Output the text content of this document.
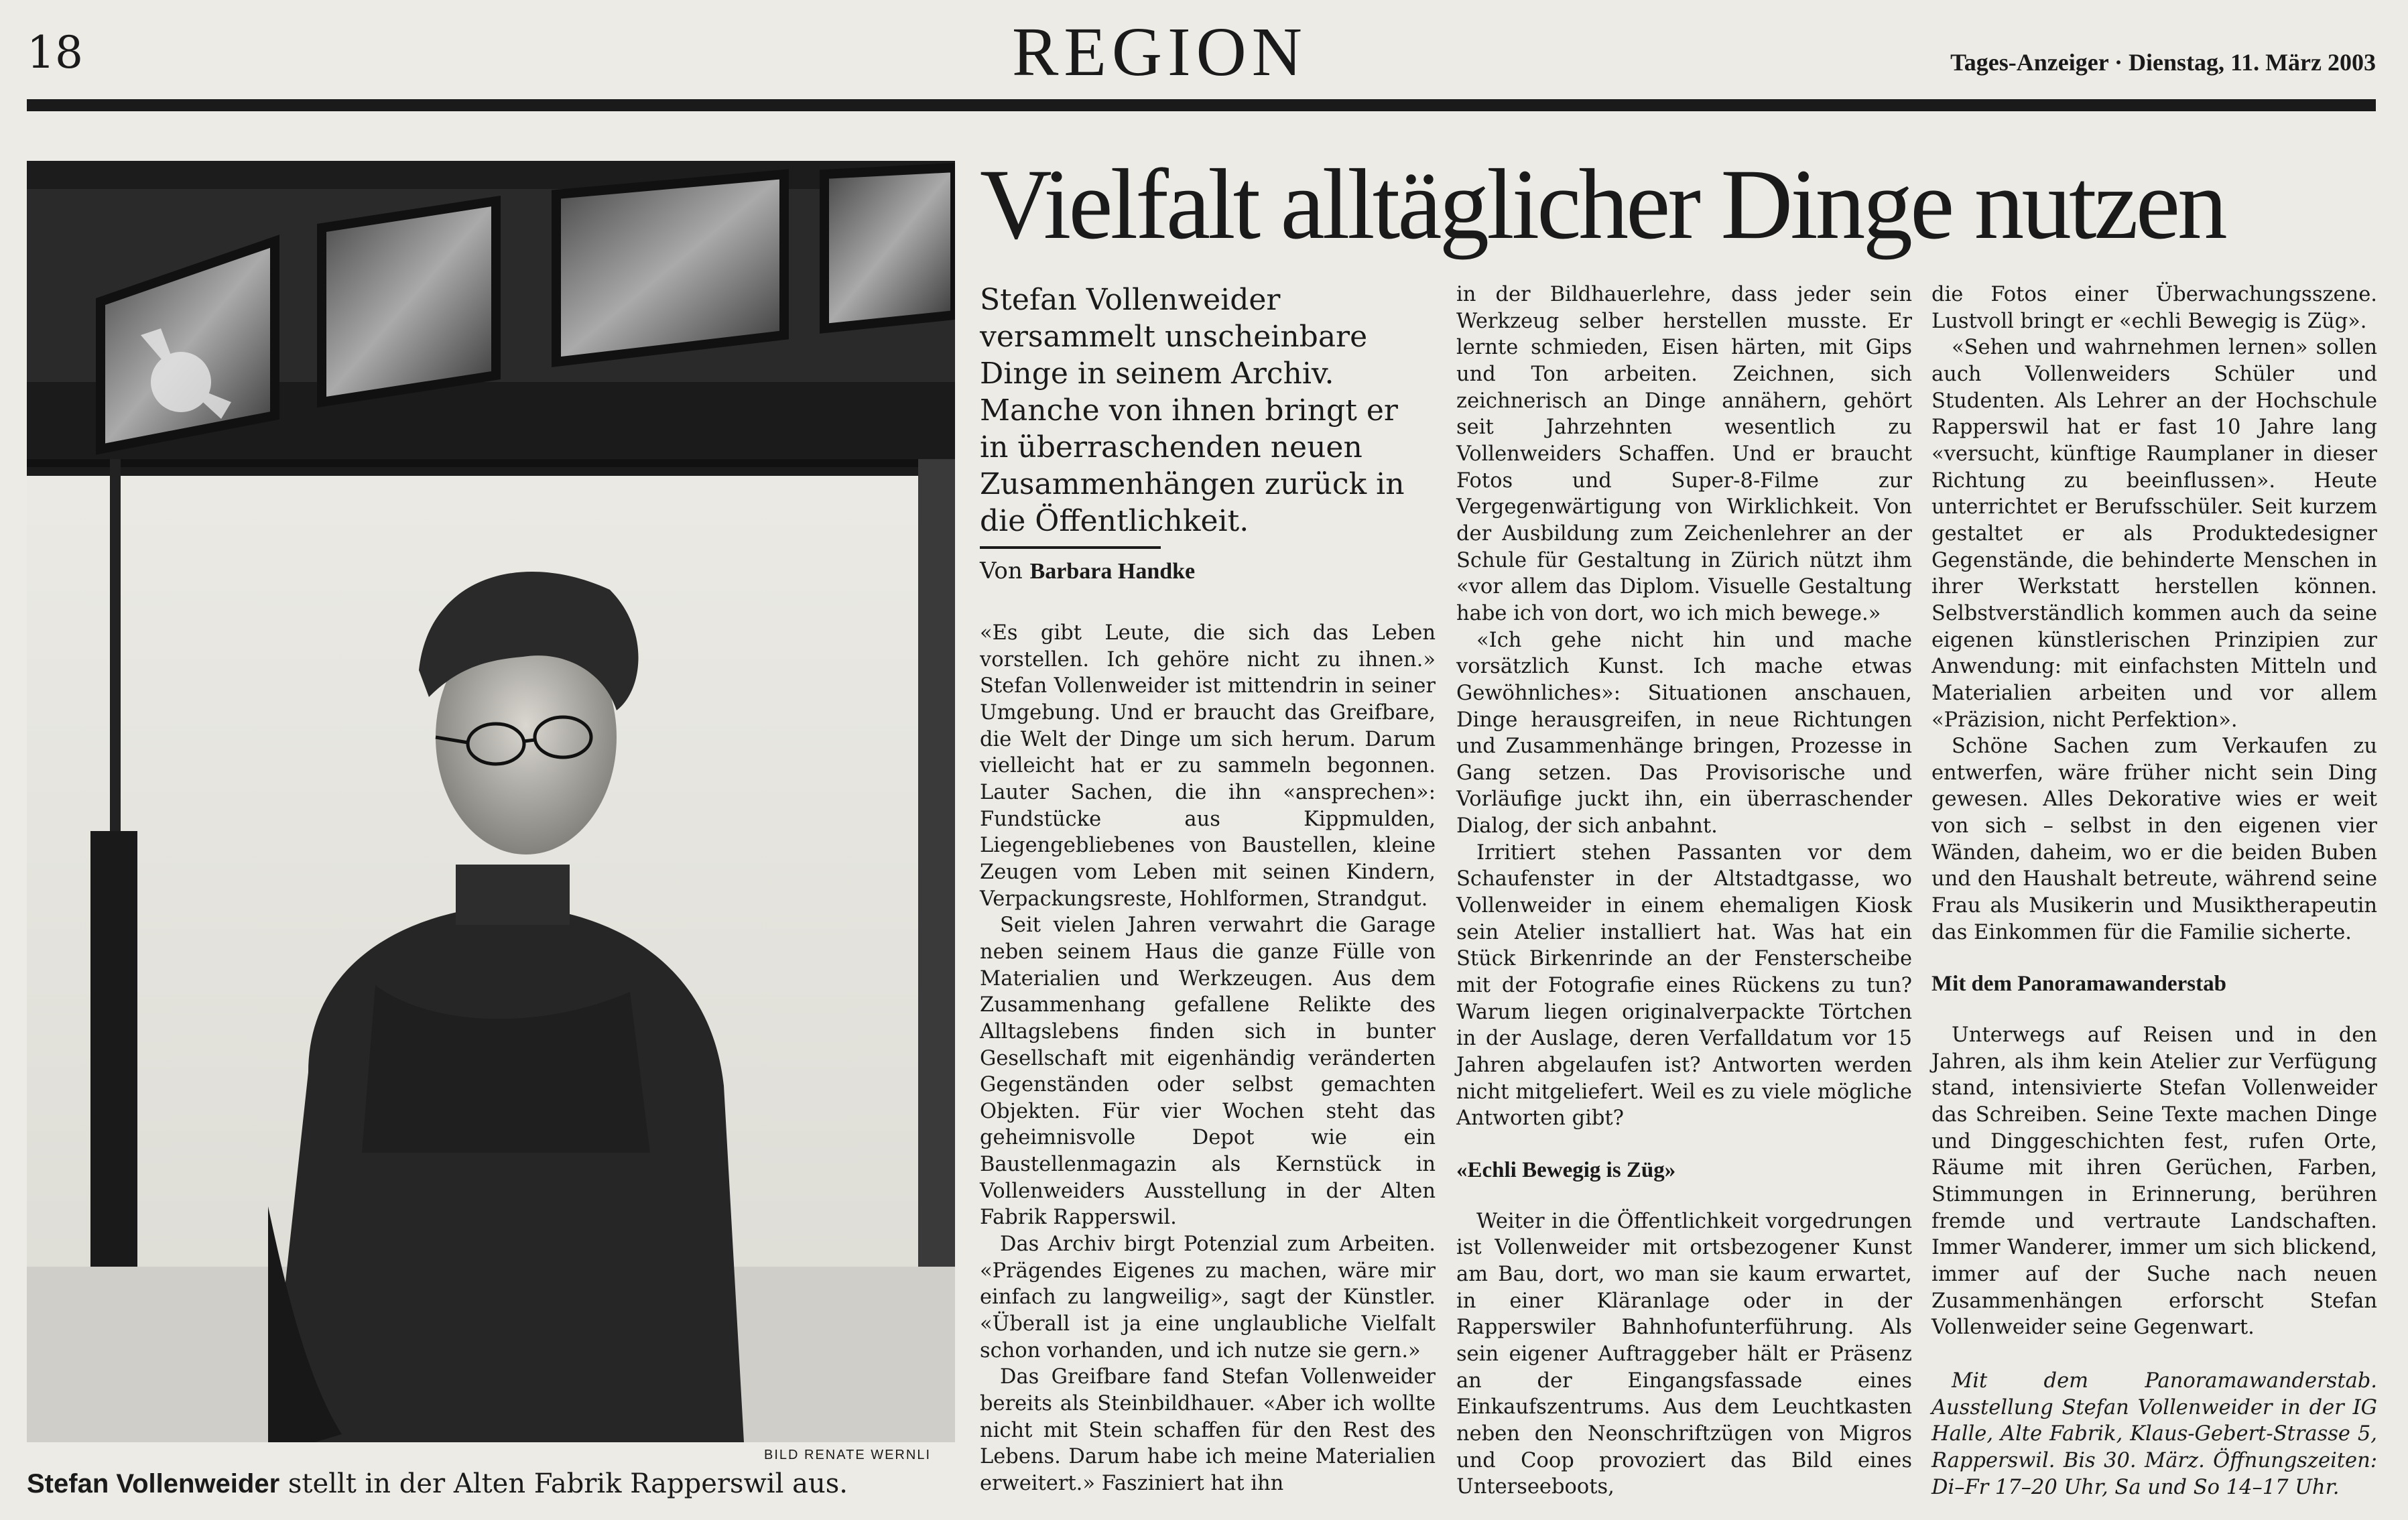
18	REGION	Tages-Anzeiger · Dienstag, 11. März 2003
BILD RENATE WERNLI
Stefan Vollenweider stellt in der Alten Fabrik Rapperswil aus.
Vielfalt alltäglicher Dinge nutzen
Stefan Vollenweider versammelt unscheinbare Dinge in seinem Archiv. Manche von ihnen bringt er in überraschenden neuen Zusammenhängen zurück in die Öffentlichkeit.
Von Barbara Handke

«Es gibt Leute, die sich das Leben vorstellen. Ich gehöre nicht zu ihnen.» Stefan Vollenweider ist mittendrin in seiner Umgebung. Und er braucht das Greifbare, die Welt der Dinge um sich herum. Darum vielleicht hat er zu sammeln begonnen. Lauter Sachen, die ihn «ansprechen»: Fundstücke aus Kippmulden, Liegengebliebenes von Baustellen, kleine Zeugen vom Leben mit seinen Kindern, Verpackungsreste, Hohlformen, Strandgut.

Seit vielen Jahren verwahrt die Garage neben seinem Haus die ganze Fülle von Materialien und Werkzeugen. Aus dem Zusammenhang gefallene Relikte des Alltagslebens finden sich in bunter Gesellschaft mit eigenhändig veränderten Gegenständen oder selbst gemachten Objekten. Für vier Wochen steht das geheimnisvolle Depot wie ein Baustellenmagazin als Kernstück in Vollenweiders Ausstellung in der Alten Fabrik Rapperswil.

Das Archiv birgt Potenzial zum Arbeiten. «Prägendes Eigenes zu machen, wäre mir einfach zu langweilig», sagt der Künstler. «Überall ist ja eine unglaubliche Vielfalt schon vorhanden, und ich nutze sie gern.»

Das Greifbare fand Stefan Vollenweider bereits als Steinbildhauer. «Aber ich wollte nicht mit Stein schaffen für den Rest des Lebens. Darum habe ich meine Materialien erweitert.» Fasziniert hat ihn

in der Bildhauerlehre, dass jeder sein Werkzeug selber herstellen musste. Er lernte schmieden, Eisen härten, mit Gips und Ton arbeiten. Zeichnen, sich zeichnerisch an Dinge annähern, gehört seit Jahrzehnten wesentlich zu Vollenweiders Schaffen. Und er braucht Fotos und Super-8-Filme zur Vergegenwärtigung von Wirklichkeit. Von der Ausbildung zum Zeichenlehrer an der Schule für Gestaltung in Zürich nützt ihm «vor allem das Diplom. Visuelle Gestaltung habe ich von dort, wo ich mich bewege.»

«Ich gehe nicht hin und mache vorsätzlich Kunst. Ich mache etwas Gewöhnliches»: Situationen anschauen, Dinge herausgreifen, in neue Richtungen und Zusammenhänge bringen, Prozesse in Gang setzen. Das Provisorische und Vorläufige juckt ihn, ein überraschender Dialog, der sich anbahnt.

Irritiert stehen Passanten vor dem Schaufenster in der Altstadtgasse, wo Vollenweider in einem ehemaligen Kiosk sein Atelier installiert hat. Was hat ein Stück Birkenrinde an der Fensterscheibe mit der Fotografie eines Rückens zu tun? Warum liegen originalverpackte Törtchen in der Auslage, deren Verfalldatum vor 15 Jahren abgelaufen ist? Antworten werden nicht mitgeliefert. Weil es zu viele mögliche Antworten gibt?

«Echli Bewegig is Züg»

Weiter in die Öffentlichkeit vorgedrungen ist Vollenweider mit ortsbezogener Kunst am Bau, dort, wo man sie kaum erwartet, in einer Kläranlage oder in der Rapperswiler Bahnhofunterführung. Als sein eigener Auftraggeber hält er Präsenz an der Eingangsfassade eines Einkaufszentrums. Aus dem Leuchtkasten neben den Neonschriftzügen von Migros und Coop provoziert das Bild eines Unterseeboots,

die Fotos einer Überwachungsszene. Lustvoll bringt er «echli Bewegig is Züg».

«Sehen und wahrnehmen lernen» sollen auch Vollenweiders Schüler und Studenten. Als Lehrer an der Hochschule Rapperswil hat er fast 10 Jahre lang «versucht, künftige Raumplaner in dieser Richtung zu beeinflussen». Heute unterrichtet er Berufsschüler. Seit kurzem gestaltet er als Produktedesigner Gegenstände, die behinderte Menschen in ihrer Werkstatt herstellen können. Selbstverständlich kommen auch da seine eigenen künstlerischen Prinzipien zur Anwendung: mit einfachsten Mitteln und Materialien arbeiten und vor allem «Präzision, nicht Perfektion».

Schöne Sachen zum Verkaufen zu entwerfen, wäre früher nicht sein Ding gewesen. Alles Dekorative wies er weit von sich – selbst in den eigenen vier Wänden, daheim, wo er die beiden Buben und den Haushalt betreute, während seine Frau als Musikerin und Musiktherapeutin das Einkommen für die Familie sicherte.

Mit dem Panoramawanderstab

Unterwegs auf Reisen und in den Jahren, als ihm kein Atelier zur Verfügung stand, intensivierte Stefan Vollenweider das Schreiben. Seine Texte machen Dinge und Dinggeschichten fest, rufen Orte, Räume mit ihren Gerüchen, Farben, Stimmungen in Erinnerung, berühren fremde und vertraute Landschaften. Immer Wanderer, immer um sich blickend, immer auf der Suche nach neuen Zusammenhängen erforscht Stefan Vollenweider seine Gegenwart.

Mit dem Panoramawanderstab. Ausstellung Stefan Vollenweider in der IG Halle, Alte Fabrik, Klaus-Gebert-Strasse 5, Rapperswil. Bis 30. März. Öffnungszeiten: Di–Fr 17–20 Uhr, Sa und So 14–17 Uhr.
